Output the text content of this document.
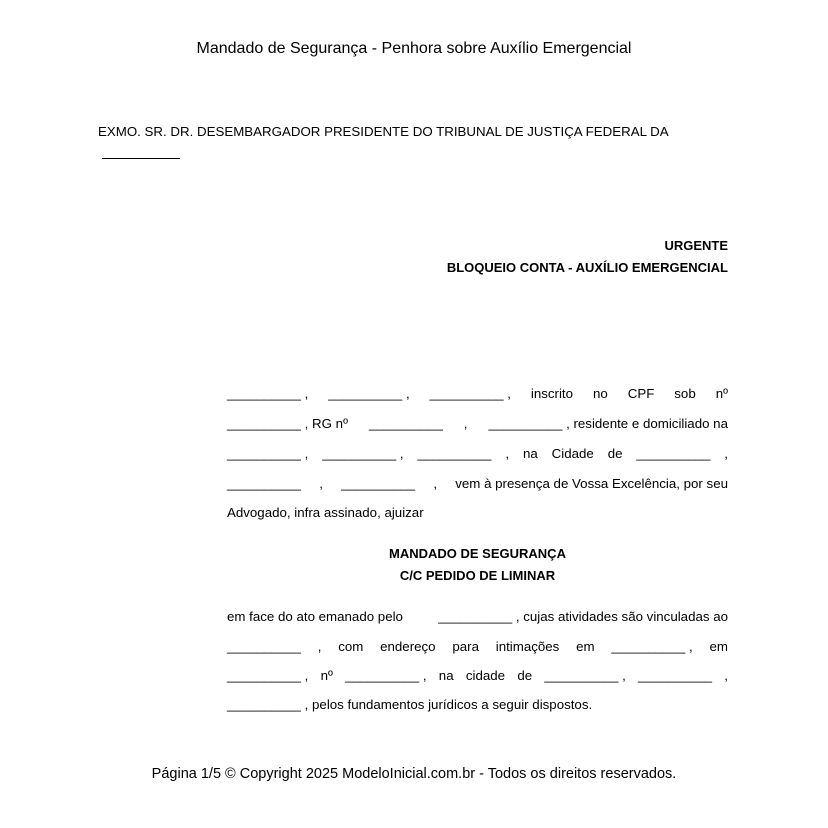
Mandado de Segurança - Penhora sobre Auxílio Emergencial
EXMO. SR. DR. DESEMBARGADOR PRESIDENTE DO TRIBUNAL DE JUSTIÇA FEDERAL DA
URGENTE
BLOQUEIO CONTA - AUXÍLIO EMERGENCIAL
__________ , __________ , __________ , inscrito no CPF sob nº
__________ , RG nº __________ , __________ , residente e domiciliado na
__________ , __________ , __________ , na Cidade de __________ ,
__________ , __________ , vem à presença de Vossa Excelência, por seu
Advogado, infra assinado, ajuizar
MANDADO DE SEGURANÇA
C/C PEDIDO DE LIMINAR
em face do ato emanado pelo	__________ , cujas atividades são vinculadas ao
__________ , com endereço para intimações em __________ , em
__________ , nº __________ , na cidade de __________ , __________ ,
__________ , pelos fundamentos jurídicos a seguir dispostos.
Página 1/5 © Copyright 2025 ModeloInicial.com.br - Todos os direitos reservados.
